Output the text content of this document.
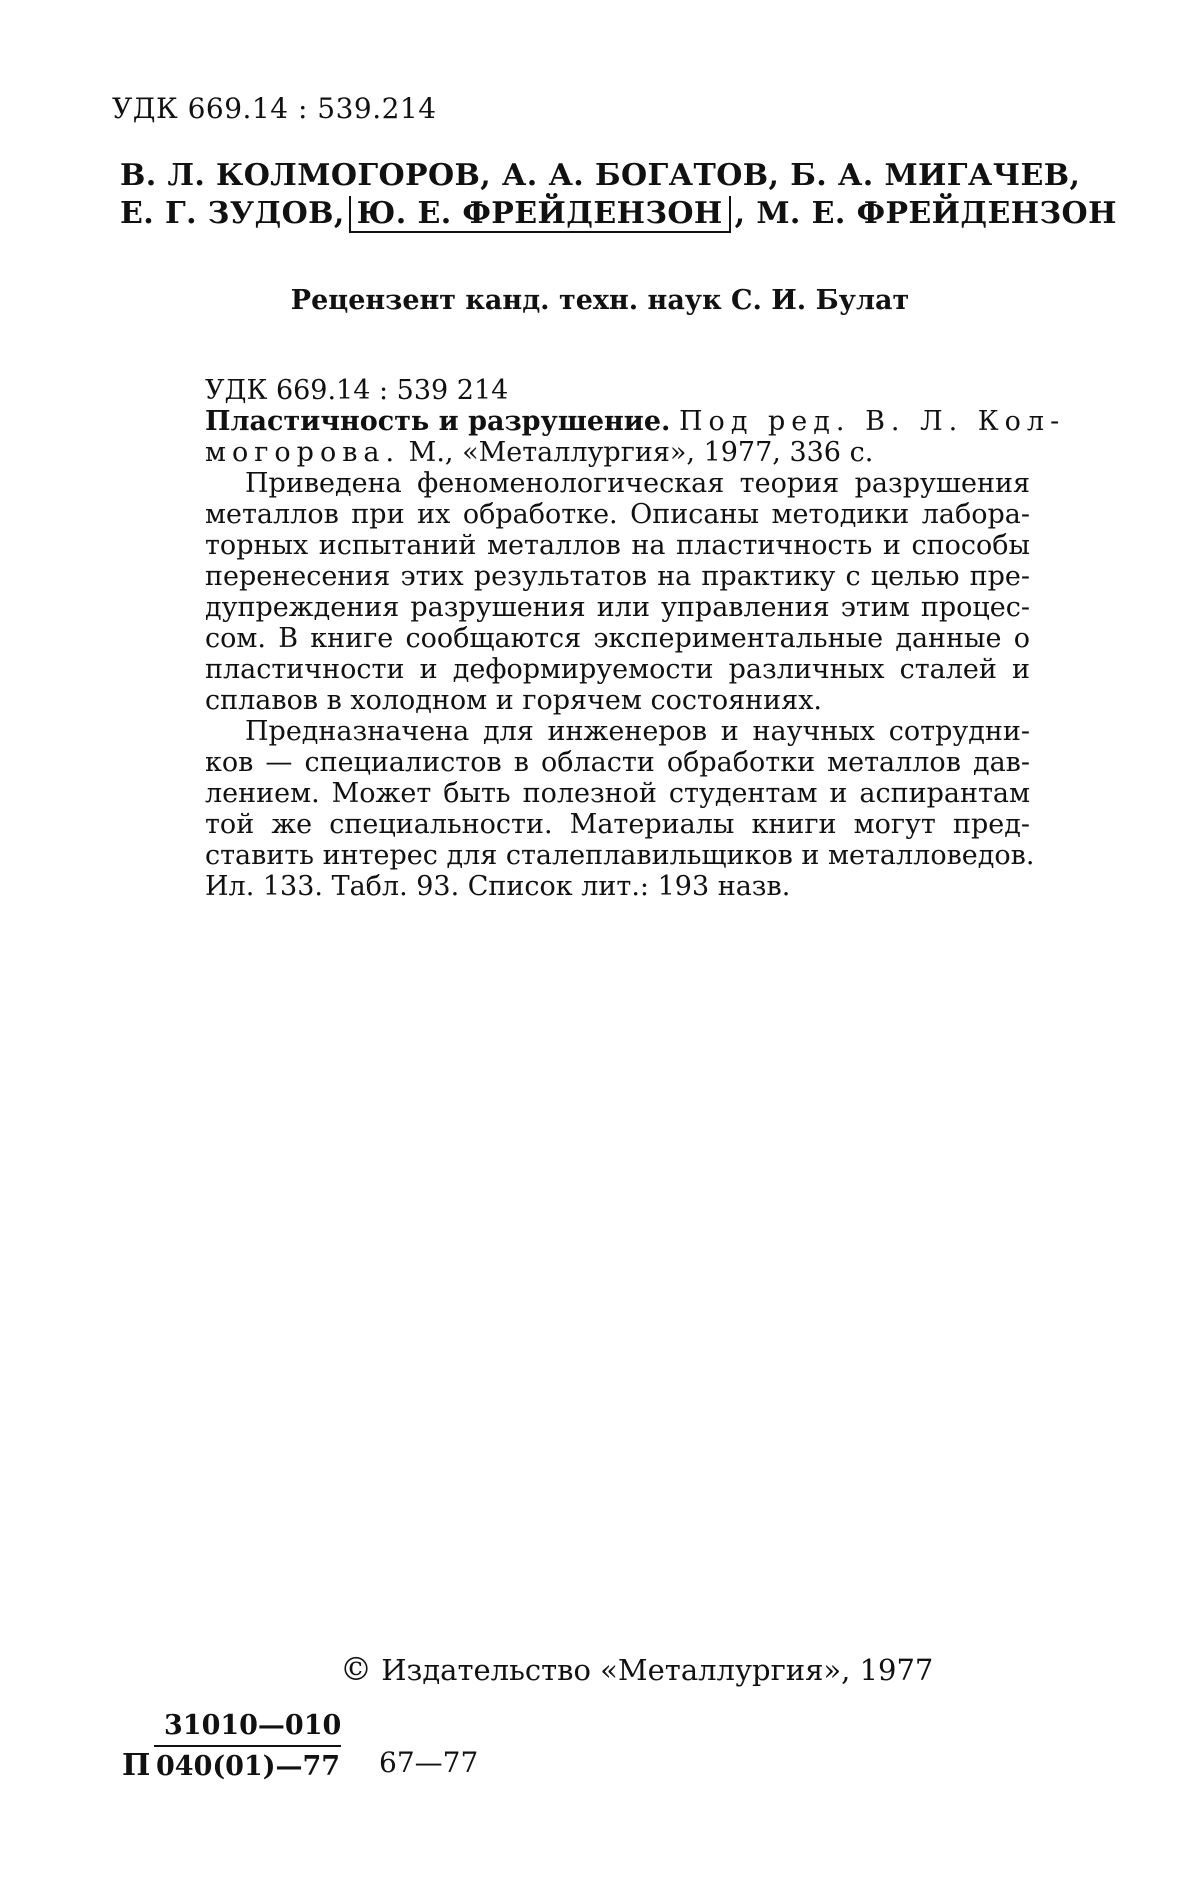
УДК 669.14 : 539.214
В. Л. КОЛМОГОРОВ, А. А. БОГАТОВ, Б. А. МИГАЧЕВ,
Е. Г. ЗУДОВ, Ю. Е. ФРЕЙДЕНЗОН , М. Е. ФРЕЙДЕНЗОН
Рецензент канд. техн. наук С. И. Булат
УДК 669.14 : 539 214
Пластичность и разрушение. Под ред. В. Л. Кол-
могорова. М., «Металлургия», 1977, 336 с.
Приведена феноменологическая теория разрушения
металлов при их обработке. Описаны методики лабора-
торных испытаний металлов на пластичность и способы
перенесения этих результатов на практику с целью пре-
дупреждения разрушения или управления этим процес-
сом. В книге сообщаются экспериментальные данные о
пластичности и деформируемости различных сталей и
сплавов в холодном и горячем состояниях.
Предназначена для инженеров и научных сотрудни-
ков — специалистов в области обработки металлов дав-
лением. Может быть полезной студентам и аспирантам
той же специальности. Материалы книги могут пред-
ставить интерес для сталеплавильщиков и металловедов.
Ил. 133. Табл. 93. Список лит.: 193 назв.
© Издательство «Металлургия», 1977
П
31010—010
040(01)—77 67—77
